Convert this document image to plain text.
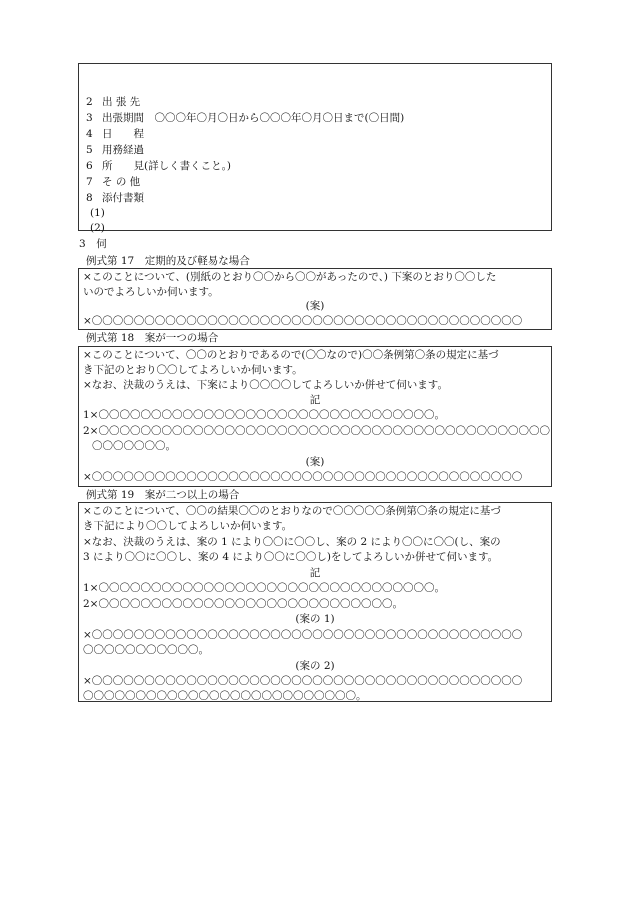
2 出 張 先
3 出張期間　〇〇〇年〇月〇日から〇〇〇年〇月〇日まで(〇日間)
4 日　　程
5 用務経過
6 所　　見(詳しく書くこと。)
7 そ の 他
8 添付書類
(1)
(2)
3　伺
例式第 17　定期的及び軽易な場合
×このことについて、(別紙のとおり〇〇から〇〇があったので、) 下案のとおり〇〇した
いのでよろしいか伺います。
(案)
×〇〇〇〇〇〇〇〇〇〇〇〇〇〇〇〇〇〇〇〇〇〇〇〇〇〇〇〇〇〇〇〇〇〇〇〇〇〇〇〇〇
例式第 18　案が一つの場合
×このことについて、〇〇のとおりであるので(〇〇なので)〇〇条例第〇条の規定に基づ
き下記のとおり〇〇してよろしいか伺います。
×なお、決裁のうえは、下案により〇〇〇〇してよろしいか併せて伺います。
記
1×〇〇〇〇〇〇〇〇〇〇〇〇〇〇〇〇〇〇〇〇〇〇〇〇〇〇〇〇〇〇〇〇。
2×〇〇〇〇〇〇〇〇〇〇〇〇〇〇〇〇〇〇〇〇〇〇〇〇〇〇〇〇〇〇〇〇〇〇〇〇〇〇〇〇〇〇〇
〇〇〇〇〇〇〇。
(案)
×〇〇〇〇〇〇〇〇〇〇〇〇〇〇〇〇〇〇〇〇〇〇〇〇〇〇〇〇〇〇〇〇〇〇〇〇〇〇〇〇〇
例式第 19　案が二つ以上の場合
×このことについて、〇〇の結果〇〇のとおりなので〇〇〇〇〇条例第〇条の規定に基づ
き下記により〇〇してよろしいか伺います。
×なお、決裁のうえは、案の 1 により〇〇に〇〇し、案の 2 により〇〇に〇〇(し、案の
3 により〇〇に〇〇し、案の 4 により〇〇に〇〇し)をしてよろしいか併せて伺います。
記
1×〇〇〇〇〇〇〇〇〇〇〇〇〇〇〇〇〇〇〇〇〇〇〇〇〇〇〇〇〇〇〇〇。
2×〇〇〇〇〇〇〇〇〇〇〇〇〇〇〇〇〇〇〇〇〇〇〇〇〇〇〇〇。
(案の 1)
×〇〇〇〇〇〇〇〇〇〇〇〇〇〇〇〇〇〇〇〇〇〇〇〇〇〇〇〇〇〇〇〇〇〇〇〇〇〇〇〇〇
〇〇〇〇〇〇〇〇〇〇〇。
(案の 2)
×〇〇〇〇〇〇〇〇〇〇〇〇〇〇〇〇〇〇〇〇〇〇〇〇〇〇〇〇〇〇〇〇〇〇〇〇〇〇〇〇〇
〇〇〇〇〇〇〇〇〇〇〇〇〇〇〇〇〇〇〇〇〇〇〇〇〇〇。
